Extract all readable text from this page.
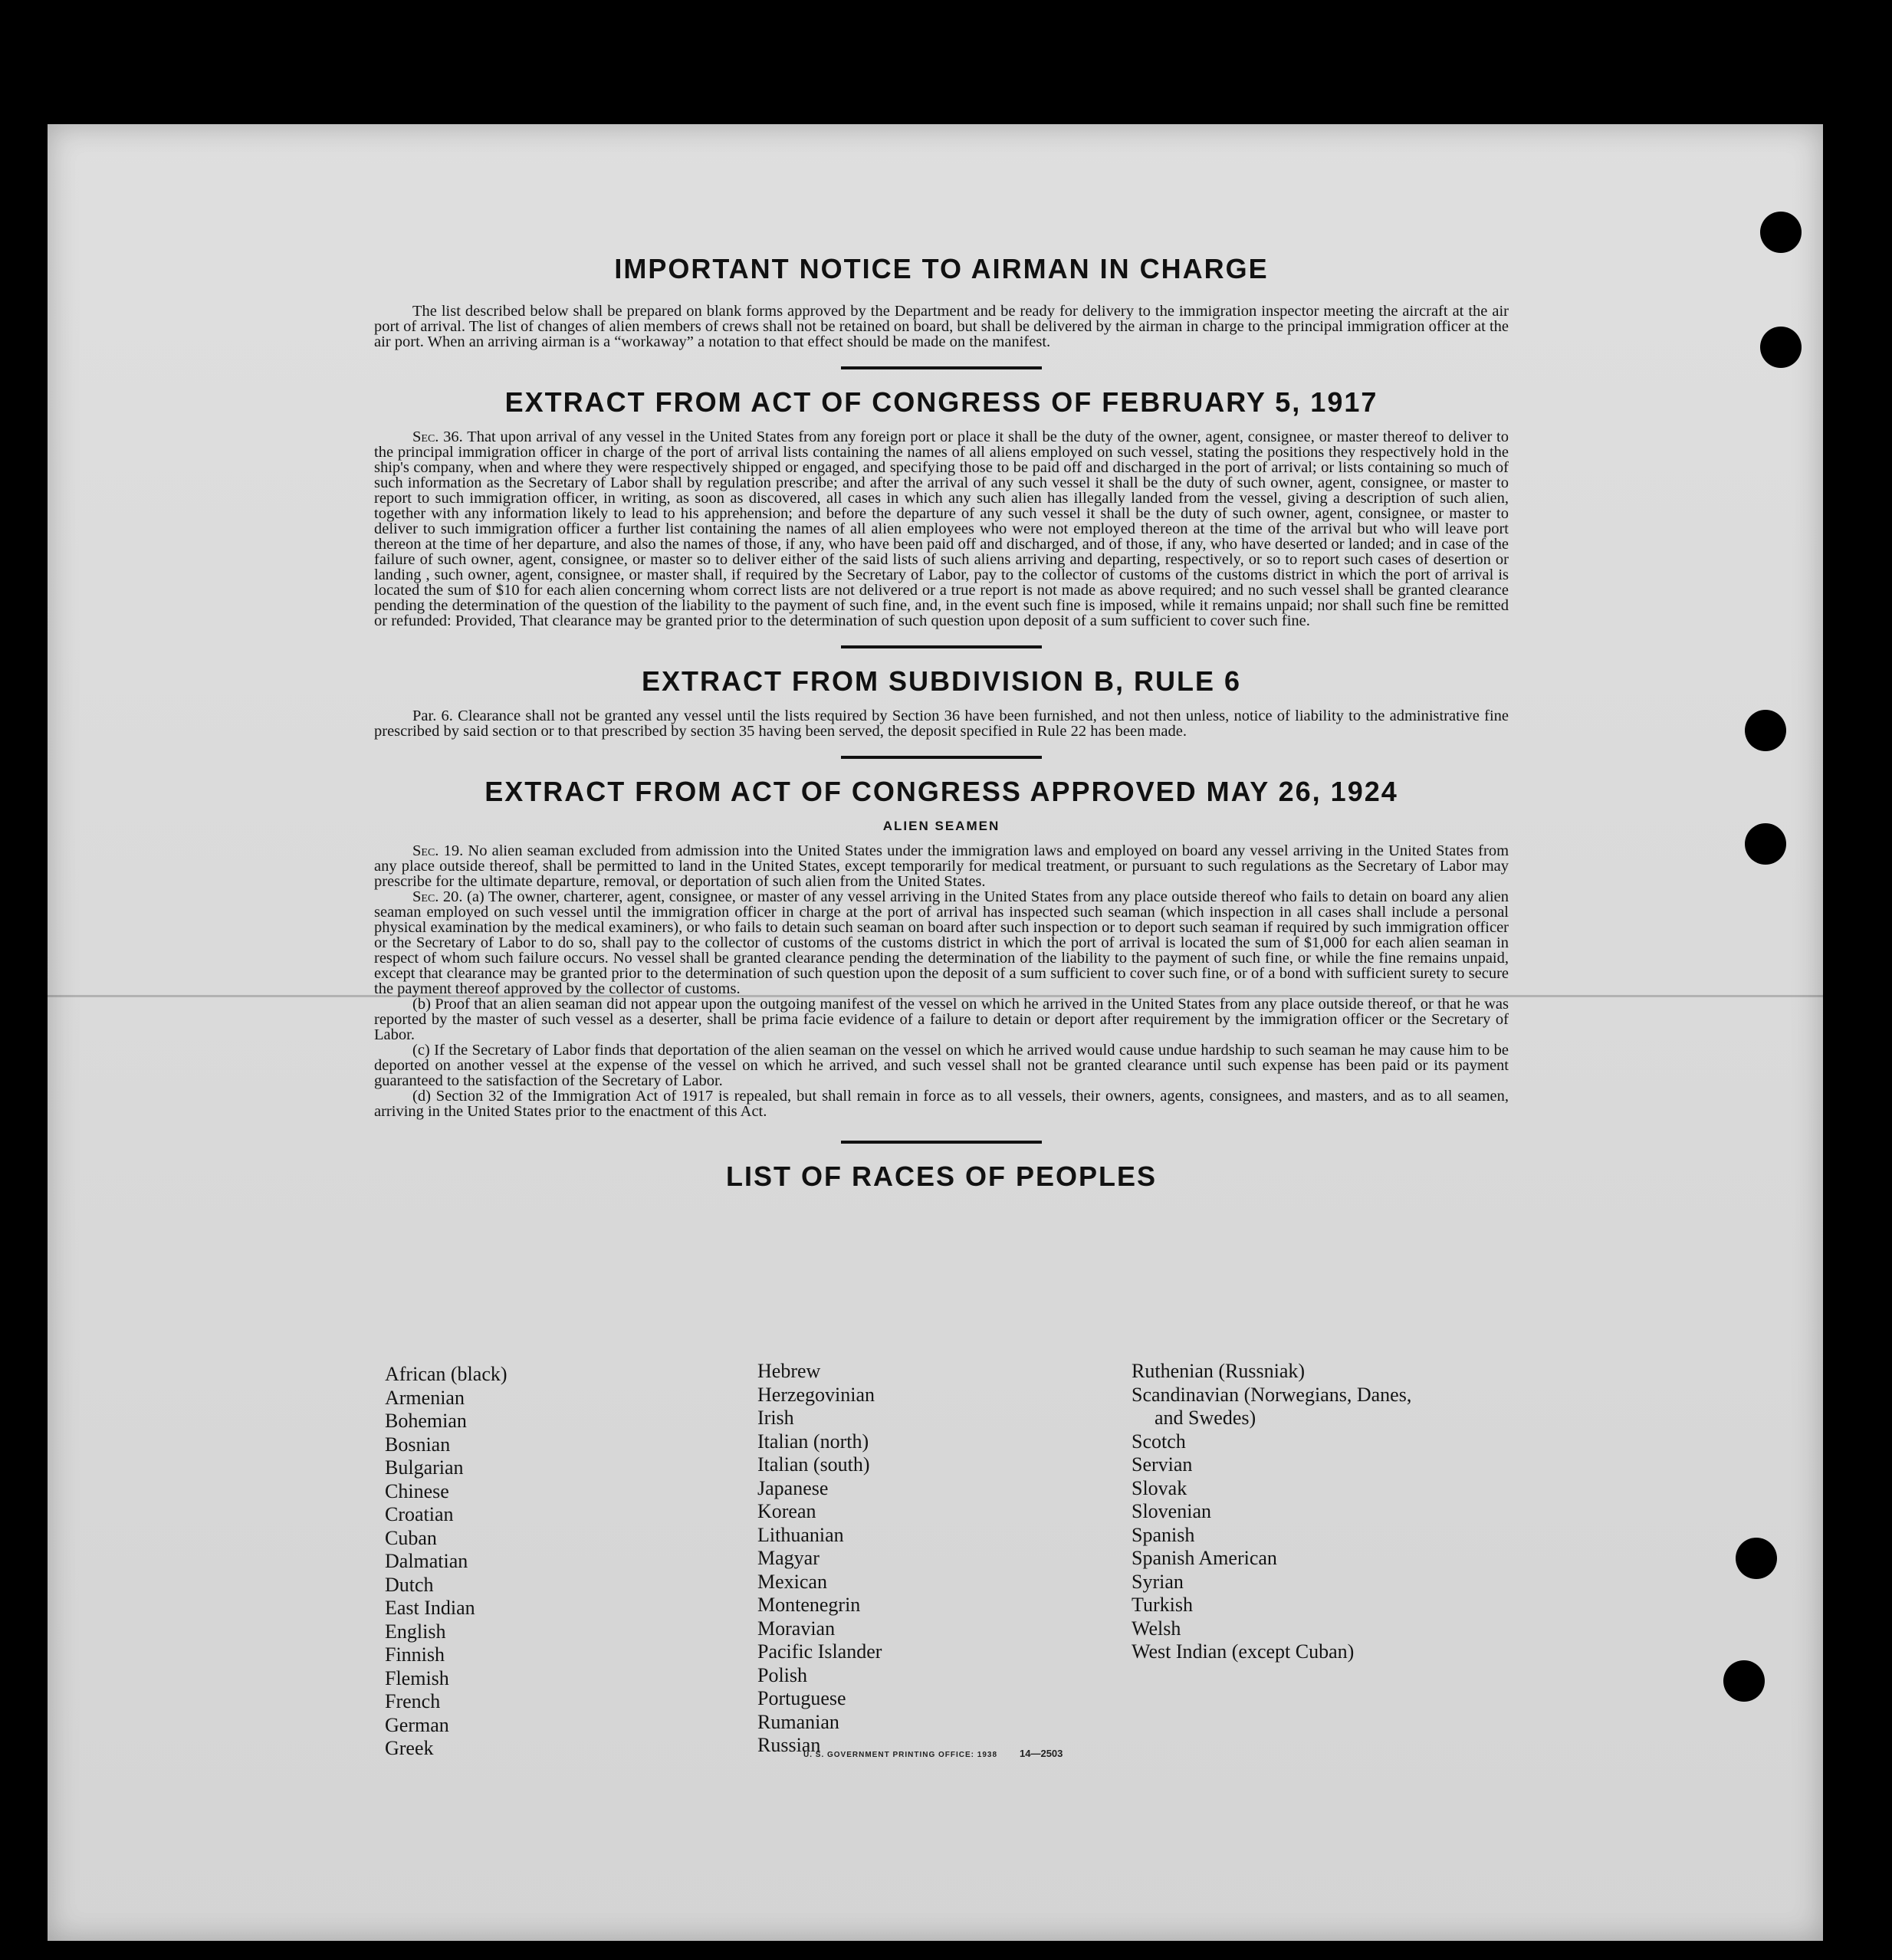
IMPORTANT NOTICE TO AIRMAN IN CHARGE

The list described below shall be prepared on blank forms approved by the Department and be ready for delivery to the immigration inspector meeting the aircraft at the air port of arrival. The list of changes of alien members of crews shall not be retained on board, but shall be delivered by the airman in charge to the principal immigration officer at the air port. When an arriving airman is a “workaway” a notation to that effect should be made on the manifest.

EXTRACT FROM ACT OF CONGRESS OF FEBRUARY 5, 1917

Sec. 36. That upon arrival of any vessel in the United States from any foreign port or place it shall be the duty of the owner, agent, consignee, or master thereof to deliver to the principal immigration officer in charge of the port of arrival lists containing the names of all aliens employed on such vessel, stating the positions they respectively hold in the ship's company, when and where they were respectively shipped or engaged, and specifying those to be paid off and discharged in the port of arrival; or lists containing so much of such information as the Secretary of Labor shall by regulation prescribe; and after the arrival of any such vessel it shall be the duty of such owner, agent, consignee, or master to report to such immigration officer, in writing, as soon as discovered, all cases in which any such alien has illegally landed from the vessel, giving a description of such alien, together with any information likely to lead to his apprehension; and before the departure of any such vessel it shall be the duty of such owner, agent, consignee, or master to deliver to such immigration officer a further list containing the names of all alien employees who were not employed thereon at the time of the arrival but who will leave port thereon at the time of her departure, and also the names of those, if any, who have been paid off and discharged, and of those, if any, who have deserted or landed; and in case of the failure of such owner, agent, consignee, or master so to deliver either of the said lists of such aliens arriving and departing, respectively, or so to report such cases of desertion or landing , such owner, agent, consignee, or master shall, if required by the Secretary of Labor, pay to the collector of customs of the customs district in which the port of arrival is located the sum of $10 for each alien concerning whom correct lists are not delivered or a true report is not made as above required; and no such vessel shall be granted clearance pending the determination of the question of the liability to the payment of such fine, and, in the event such fine is imposed, while it remains unpaid; nor shall such fine be remitted or refunded: Provided, That clearance may be granted prior to the determination of such question upon deposit of a sum sufficient to cover such fine.

EXTRACT FROM SUBDIVISION B, RULE 6

Par. 6. Clearance shall not be granted any vessel until the lists required by Section 36 have been furnished, and not then unless, notice of liability to the administrative fine prescribed by said section or to that prescribed by section 35 having been served, the deposit specified in Rule 22 has been made.

EXTRACT FROM ACT OF CONGRESS APPROVED MAY 26, 1924
ALIEN SEAMEN

Sec. 19. No alien seaman excluded from admission into the United States under the immigration laws and employed on board any vessel arriving in the United States from any place outside thereof, shall be permitted to land in the United States, except temporarily for medical treatment, or pursuant to such regulations as the Secretary of Labor may prescribe for the ultimate departure, removal, or deportation of such alien from the United States.

Sec. 20. (a) The owner, charterer, agent, consignee, or master of any vessel arriving in the United States from any place outside thereof who fails to detain on board any alien seaman employed on such vessel until the immigration officer in charge at the port of arrival has inspected such seaman (which inspection in all cases shall include a personal physical examination by the medical examiners), or who fails to detain such seaman on board after such inspection or to deport such seaman if required by such immigration officer or the Secretary of Labor to do so, shall pay to the collector of customs of the customs district in which the port of arrival is located the sum of $1,000 for each alien seaman in respect of whom such failure occurs. No vessel shall be granted clearance pending the determination of the liability to the payment of such fine, or while the fine remains unpaid, except that clearance may be granted prior to the determination of such question upon the deposit of a sum sufficient to cover such fine, or of a bond with sufficient surety to secure the payment thereof approved by the collector of customs.

(b) Proof that an alien seaman did not appear upon the outgoing manifest of the vessel on which he arrived in the United States from any place outside thereof, or that he was reported by the master of such vessel as a deserter, shall be prima facie evidence of a failure to detain or deport after requirement by the immigration officer or the Secretary of Labor.

(c) If the Secretary of Labor finds that deportation of the alien seaman on the vessel on which he arrived would cause undue hardship to such seaman he may cause him to be deported on another vessel at the expense of the vessel on which he arrived, and such vessel shall not be granted clearance until such expense has been paid or its payment guaranteed to the satisfaction of the Secretary of Labor.

(d) Section 32 of the Immigration Act of 1917 is repealed, but shall remain in force as to all vessels, their owners, agents, consignees, and masters, and as to all seamen, arriving in the United States prior to the enactment of this Act.

LIST OF RACES OF PEOPLES
African (black)
Armenian
Bohemian
Bosnian
Bulgarian
Chinese
Croatian
Cuban
Dalmatian
Dutch
East Indian
English
Finnish
Flemish
French
German
Greek
Hebrew
Herzegovinian
Irish
Italian (north)
Italian (south)
Japanese
Korean
Lithuanian
Magyar
Mexican
Montenegrin
Moravian
Pacific Islander
Polish
Portuguese
Rumanian
Russian
Ruthenian (Russniak)
Scandinavian (Norwegians, Danes,
and Swedes)
Scotch
Servian
Slovak
Slovenian
Spanish
Spanish American
Syrian
Turkish
Welsh
West Indian (except Cuban)
U. S. GOVERNMENT PRINTING OFFICE: 1938 14—2503
